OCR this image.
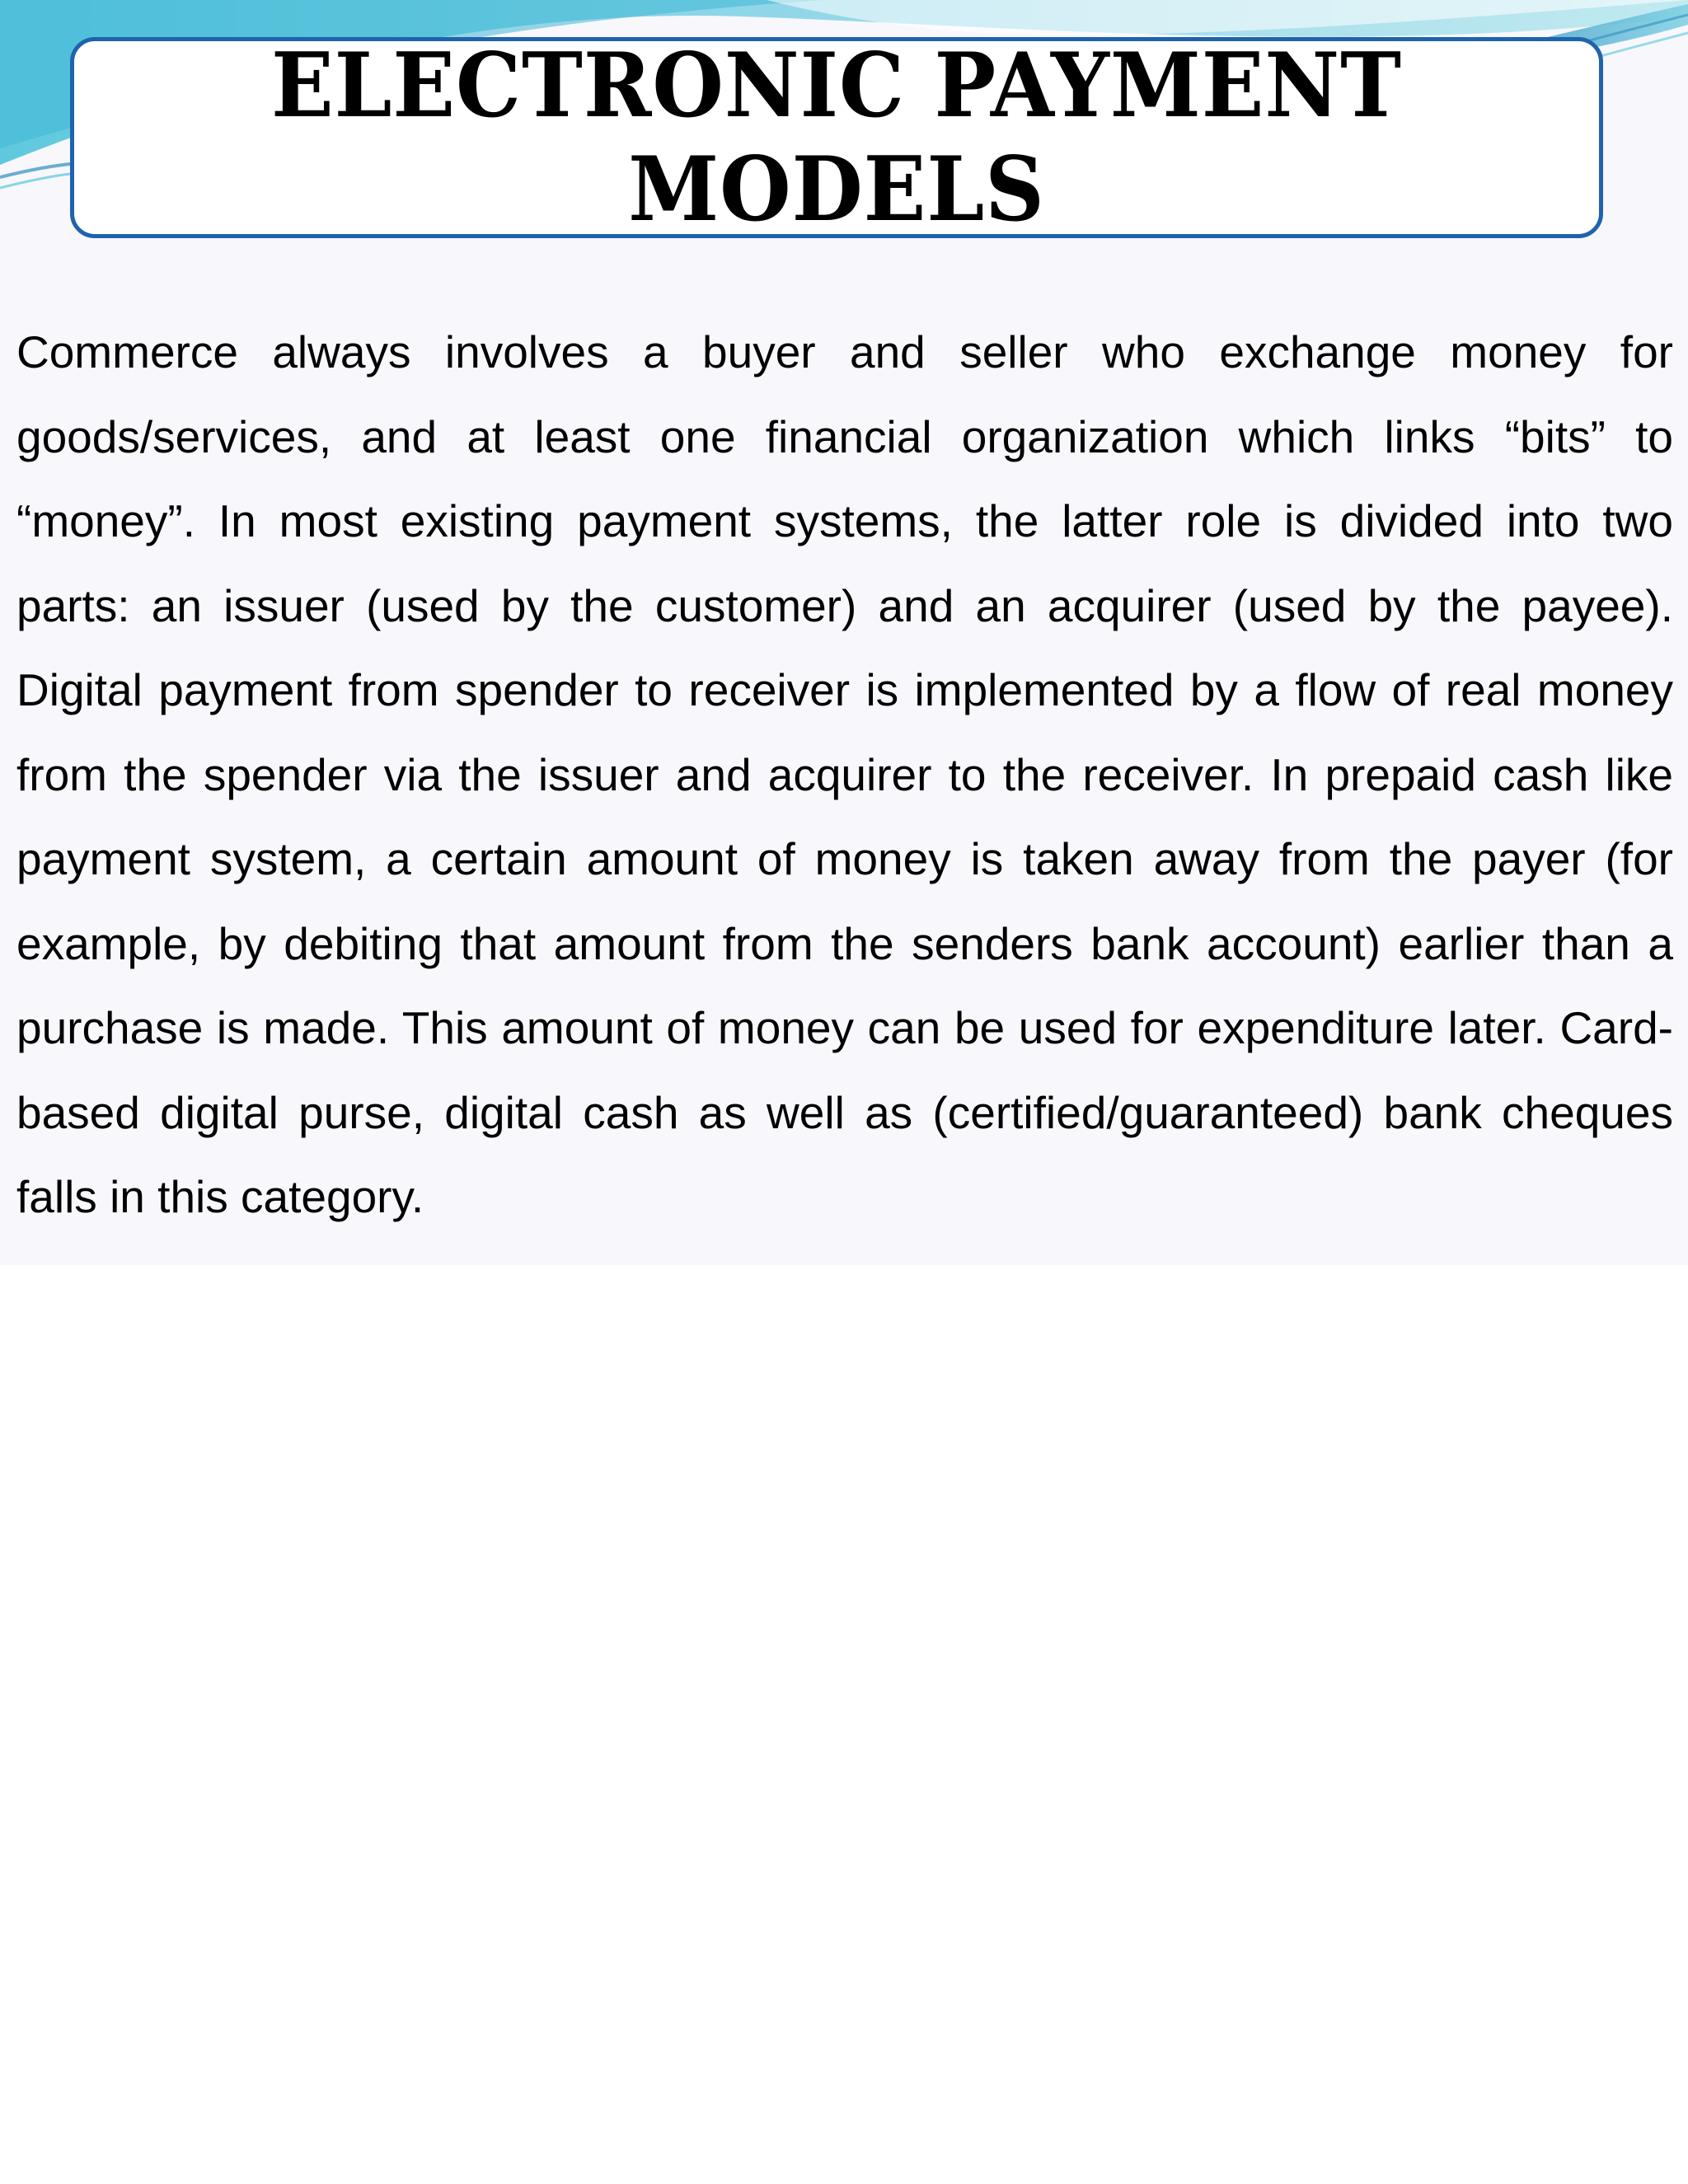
ELECTRONIC PAYMENT MODELS

Commerce always involves a buyer and seller who exchange money for goods/services, and at least one financial organization which links “bits” to “money”. In most existing payment systems, the latter role is divided into two parts: an issuer (used by the customer) and an acquirer (used by the payee). Digital payment from spender to receiver is implemented by a flow of real money from the spender via the issuer and acquirer to the receiver. In prepaid cash like payment system, a certain amount of money is taken away from the payer (for example, by debiting that amount from the senders bank account) earlier than a purchase is made. This amount of money can be used for expenditure later. Card-based digital purse, digital cash as well as (certified/guaranteed) bank cheques falls in this category.
